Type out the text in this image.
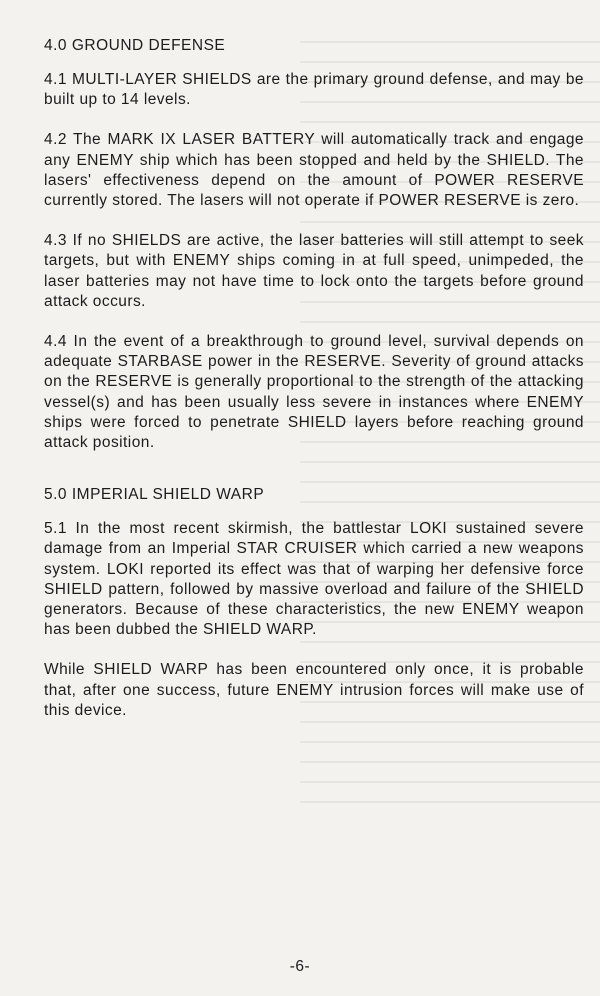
4.0 GROUND DEFENSE

4.1 MULTI-LAYER SHIELDS are the primary ground defense, and may be built up to 14 levels.

4.2 The MARK IX LASER BATTERY will automatically track and engage any ENEMY ship which has been stopped and held by the SHIELD. The lasers' effectiveness depend on the amount of POWER RESERVE currently stored. The lasers will not operate if POWER RESERVE is zero.

4.3 If no SHIELDS are active, the laser batteries will still attempt to seek targets, but with ENEMY ships coming in at full speed, unimpeded, the laser batteries may not have time to lock onto the targets before ground attack occurs.

4.4 In the event of a breakthrough to ground level, survival depends on adequate STARBASE power in the RESERVE. Severity of ground attacks on the RESERVE is generally proportional to the strength of the attacking vessel(s) and has been usually less severe in instances where ENEMY ships were forced to penetrate SHIELD layers before reaching ground attack position.

5.0 IMPERIAL SHIELD WARP

5.1 In the most recent skirmish, the battlestar LOKI sustained severe damage from an Imperial STAR CRUISER which carried a new weapons system. LOKI reported its effect was that of warping her defensive force SHIELD pattern, followed by massive overload and failure of the SHIELD generators. Because of these characteristics, the new ENEMY weapon has been dubbed the SHIELD WARP.

While SHIELD WARP has been encountered only once, it is probable that, after one success, future ENEMY intrusion forces will make use of this device.

-6-
